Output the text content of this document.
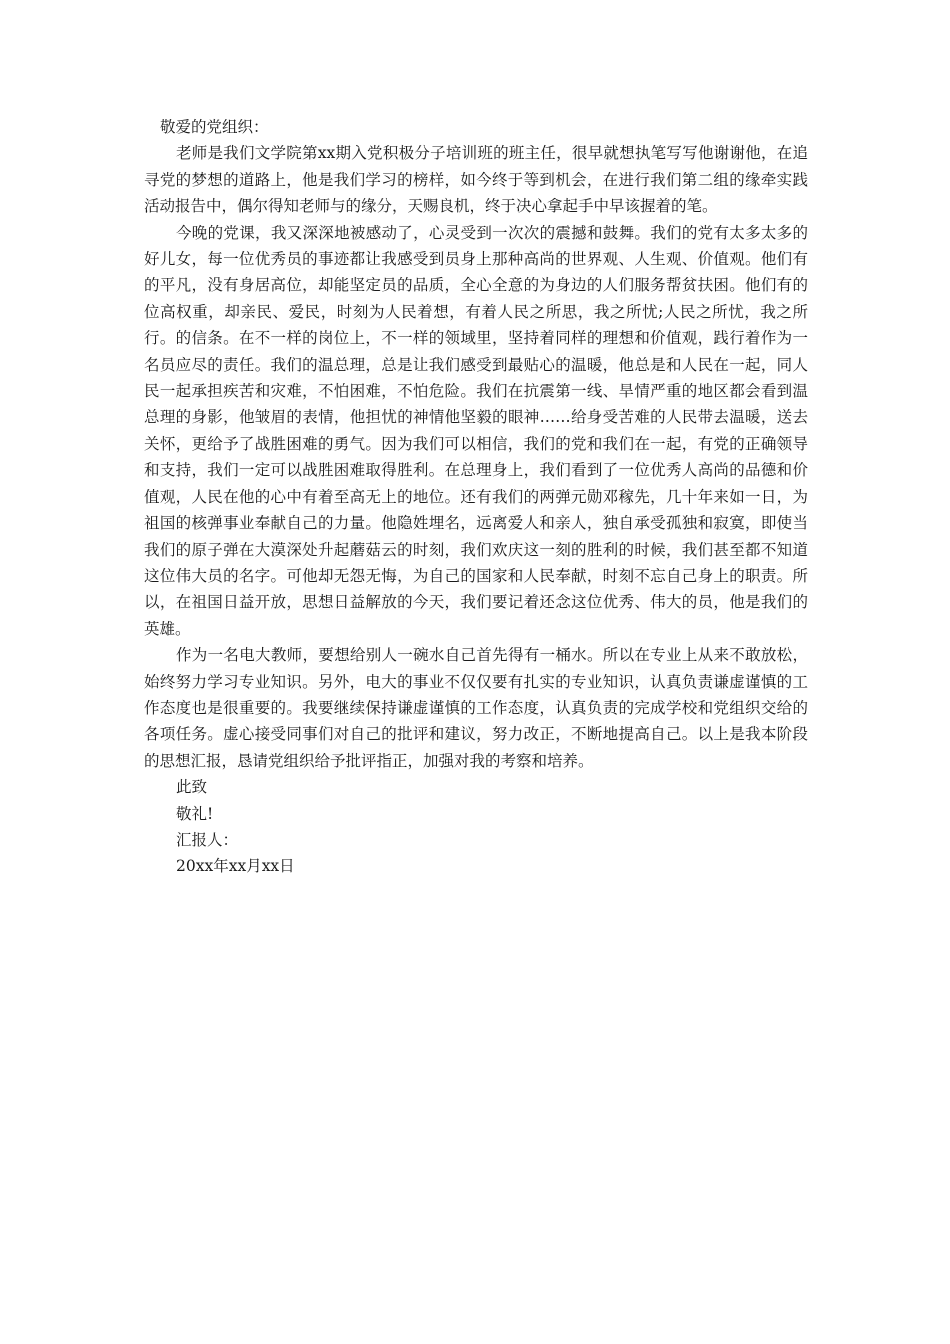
敬爱的党组织：

老师是我们文学院第xx期入党积极分子培训班的班主任，很早就想执笔写写他谢谢他，在追寻党的梦想的道路上，他是我们学习的榜样，如今终于等到机会，在进行我们第二组的缘牵实践活动报告中，偶尔得知老师与的缘分，天赐良机，终于决心拿起手中早该握着的笔。

今晚的党课，我又深深地被感动了，心灵受到一次次的震撼和鼓舞。我们的党有太多太多的好儿女，每一位优秀员的事迹都让我感受到员身上那种高尚的世界观、人生观、价值观。他们有的平凡，没有身居高位，却能坚定员的品质，全心全意的为身边的人们服务帮贫扶困。他们有的位高权重，却亲民、爱民，时刻为人民着想，有着人民之所思，我之所忧;人民之所忧，我之所行。的信条。在不一样的岗位上，不一样的领域里，坚持着同样的理想和价值观，践行着作为一名员应尽的责任。我们的温总理，总是让我们感受到最贴心的温暖，他总是和人民在一起，同人民一起承担疾苦和灾难，不怕困难，不怕危险。我们在抗震第一线、旱情严重的地区都会看到温总理的身影，他皱眉的表情，他担忧的神情他坚毅的眼神……给身受苦难的人民带去温暖，送去关怀，更给予了战胜困难的勇气。因为我们可以相信，我们的党和我们在一起，有党的正确领导和支持，我们一定可以战胜困难取得胜利。在总理身上，我们看到了一位优秀人高尚的品德和价值观，人民在他的心中有着至高无上的地位。还有我们的两弹元勋邓稼先，几十年来如一日，为祖国的核弹事业奉献自己的力量。他隐姓埋名，远离爱人和亲人，独自承受孤独和寂寞，即使当我们的原子弹在大漠深处升起蘑菇云的时刻，我们欢庆这一刻的胜利的时候，我们甚至都不知道这位伟大员的名字。可他却无怨无悔，为自己的国家和人民奉献，时刻不忘自己身上的职责。所以，在祖国日益开放，思想日益解放的今天，我们要记着还念这位优秀、伟大的员，他是我们的英雄。

作为一名电大教师，要想给别人一碗水自己首先得有一桶水。所以在专业上从来不敢放松，始终努力学习专业知识。另外，电大的事业不仅仅要有扎实的专业知识，认真负责谦虚谨慎的工作态度也是很重要的。我要继续保持谦虚谨慎的工作态度，认真负责的完成学校和党组织交给的各项任务。虚心接受同事们对自己的批评和建议，努力改正，不断地提高自己。以上是我本阶段的思想汇报，恳请党组织给予批评指正，加强对我的考察和培养。

此致

敬礼!

汇报人：

20xx年xx月xx日
